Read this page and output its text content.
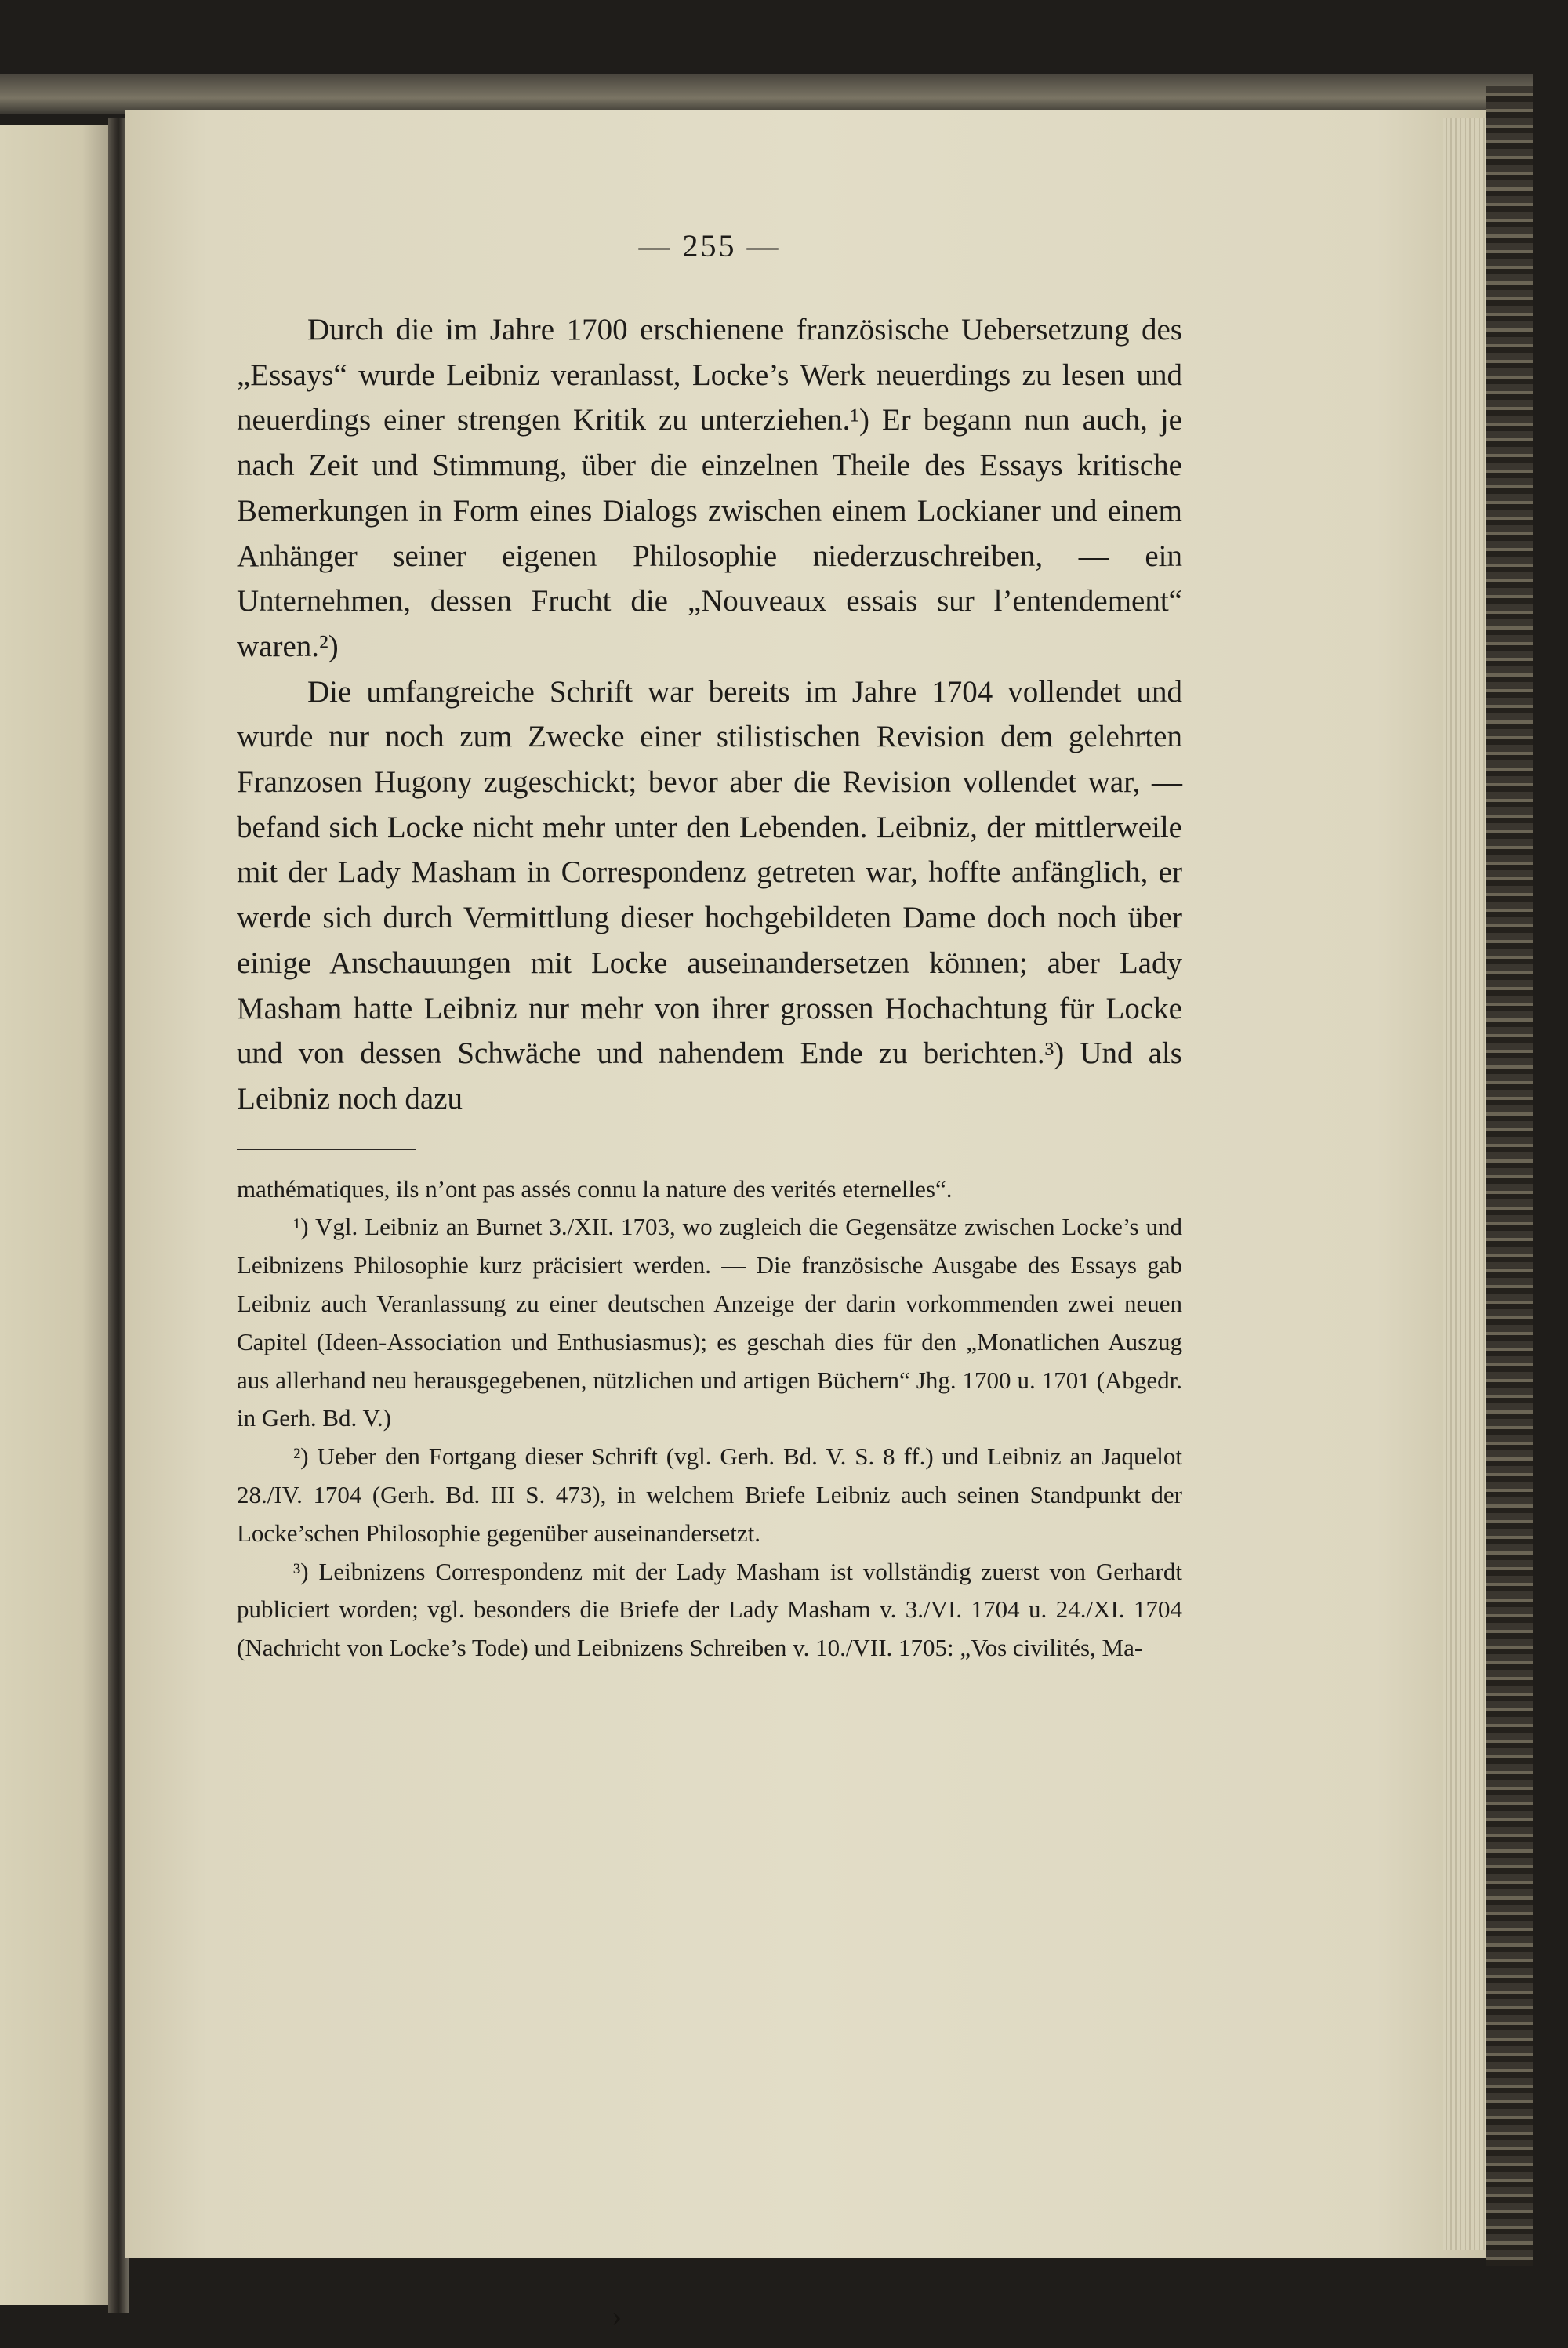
— 255 —

Durch die im Jahre 1700 erschienene französische Uebersetzung des „Essays“ wurde Leibniz veranlasst, Locke’s Werk neuerdings zu lesen und neuerdings einer strengen Kritik zu unterziehen.¹) Er begann nun auch, je nach Zeit und Stimmung, über die einzelnen Theile des Essays kritische Bemerkungen in Form eines Dialogs zwischen einem Lockianer und einem Anhänger seiner eigenen Philosophie niederzuschreiben, — ein Unternehmen, dessen Frucht die „Nouveaux essais sur l’entendement“ waren.²)

Die umfangreiche Schrift war bereits im Jahre 1704 vollendet und wurde nur noch zum Zwecke einer stilistischen Revision dem gelehrten Franzosen Hugony zugeschickt; bevor aber die Revision vollendet war, — befand sich Locke nicht mehr unter den Lebenden. Leibniz, der mittlerweile mit der Lady Masham in Correspondenz getreten war, hoffte anfänglich, er werde sich durch Vermittlung dieser hochgebildeten Dame doch noch über einige Anschauungen mit Locke auseinandersetzen können; aber Lady Masham hatte Leibniz nur mehr von ihrer grossen Hochachtung für Locke und von dessen Schwäche und nahendem Ende zu berichten.³) Und als Leibniz noch dazu

mathématiques, ils n’ont pas assés connu la nature des verités eternelles“.

¹) Vgl. Leibniz an Burnet 3./XII. 1703, wo zugleich die Gegensätze zwischen Locke’s und Leibnizens Philosophie kurz präcisiert werden. — Die französische Ausgabe des Essays gab Leibniz auch Veranlassung zu einer deutschen Anzeige der darin vorkommenden zwei neuen Capitel (Ideen-Association und Enthusiasmus); es geschah dies für den „Monatlichen Auszug aus allerhand neu herausgegebenen, nützlichen und artigen Büchern“ Jhg. 1700 u. 1701 (Abgedr. in Gerh. Bd. V.)

²) Ueber den Fortgang dieser Schrift (vgl. Gerh. Bd. V. S. 8 ff.) und Leibniz an Jaquelot 28./IV. 1704 (Gerh. Bd. III S. 473), in welchem Briefe Leibniz auch seinen Standpunkt der Locke’schen Philosophie gegenüber auseinandersetzt.

³) Leibnizens Correspondenz mit der Lady Masham ist vollständig zuerst von Gerhardt publiciert worden; vgl. besonders die Briefe der Lady Masham v. 3./VI. 1704 u. 24./XI. 1704 (Nachricht von Locke’s Tode) und Leibnizens Schreiben v. 10./VII. 1705: „Vos civilités, Ma-

›
